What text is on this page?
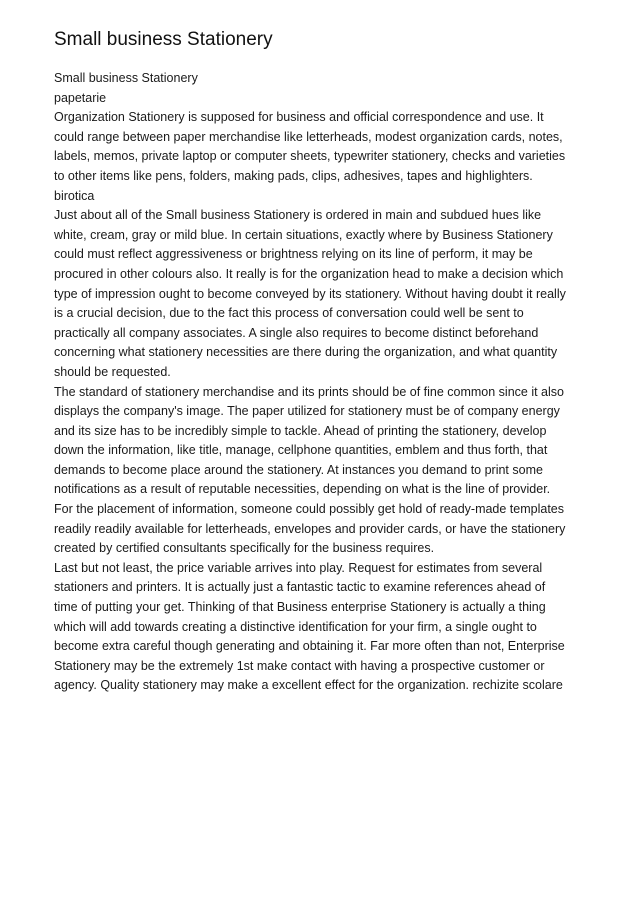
Small business Stationery

Small business Stationery

papetarie

Organization Stationery is supposed for business and official correspondence and use. It

could range between paper merchandise like letterheads, modest organization cards, notes,

labels, memos, private laptop or computer sheets, typewriter stationery, checks and varieties

to other items like pens, folders, making pads, clips, adhesives, tapes and highlighters.

birotica

Just about all of the Small business Stationery is ordered in main and subdued hues like

white, cream, gray or mild blue. In certain situations, exactly where by Business Stationery

could must reflect aggressiveness or brightness relying on its line of perform, it may be

procured in other colours also. It really is for the organization head to make a decision which

type of impression ought to become conveyed by its stationery. Without having doubt it really

is a crucial decision, due to the fact this process of conversation could well be sent to

practically all company associates. A single also requires to become distinct beforehand

concerning what stationery necessities are there during the organization, and what quantity

should be requested.

The standard of stationery merchandise and its prints should be of fine common since it also

displays the company's image. The paper utilized for stationery must be of company energy

and its size has to be incredibly simple to tackle. Ahead of printing the stationery, develop

down the information, like title, manage, cellphone quantities, emblem and thus forth, that

demands to become place around the stationery. At instances you demand to print some

notifications as a result of reputable necessities, depending on what is the line of provider.

For the placement of information, someone could possibly get hold of ready-made templates

readily readily available for letterheads, envelopes and provider cards, or have the stationery

created by certified consultants specifically for the business requires.

Last but not least, the price variable arrives into play. Request for estimates from several

stationers and printers. It is actually just a fantastic tactic to examine references ahead of

time of putting your get. Thinking of that Business enterprise Stationery is actually a thing

which will add towards creating a distinctive identification for your firm, a single ought to

become extra careful though generating and obtaining it. Far more often than not, Enterprise

Stationery may be the extremely 1st make contact with having a prospective customer or

agency. Quality stationery may make a excellent effect for the organization. rechizite scolare
